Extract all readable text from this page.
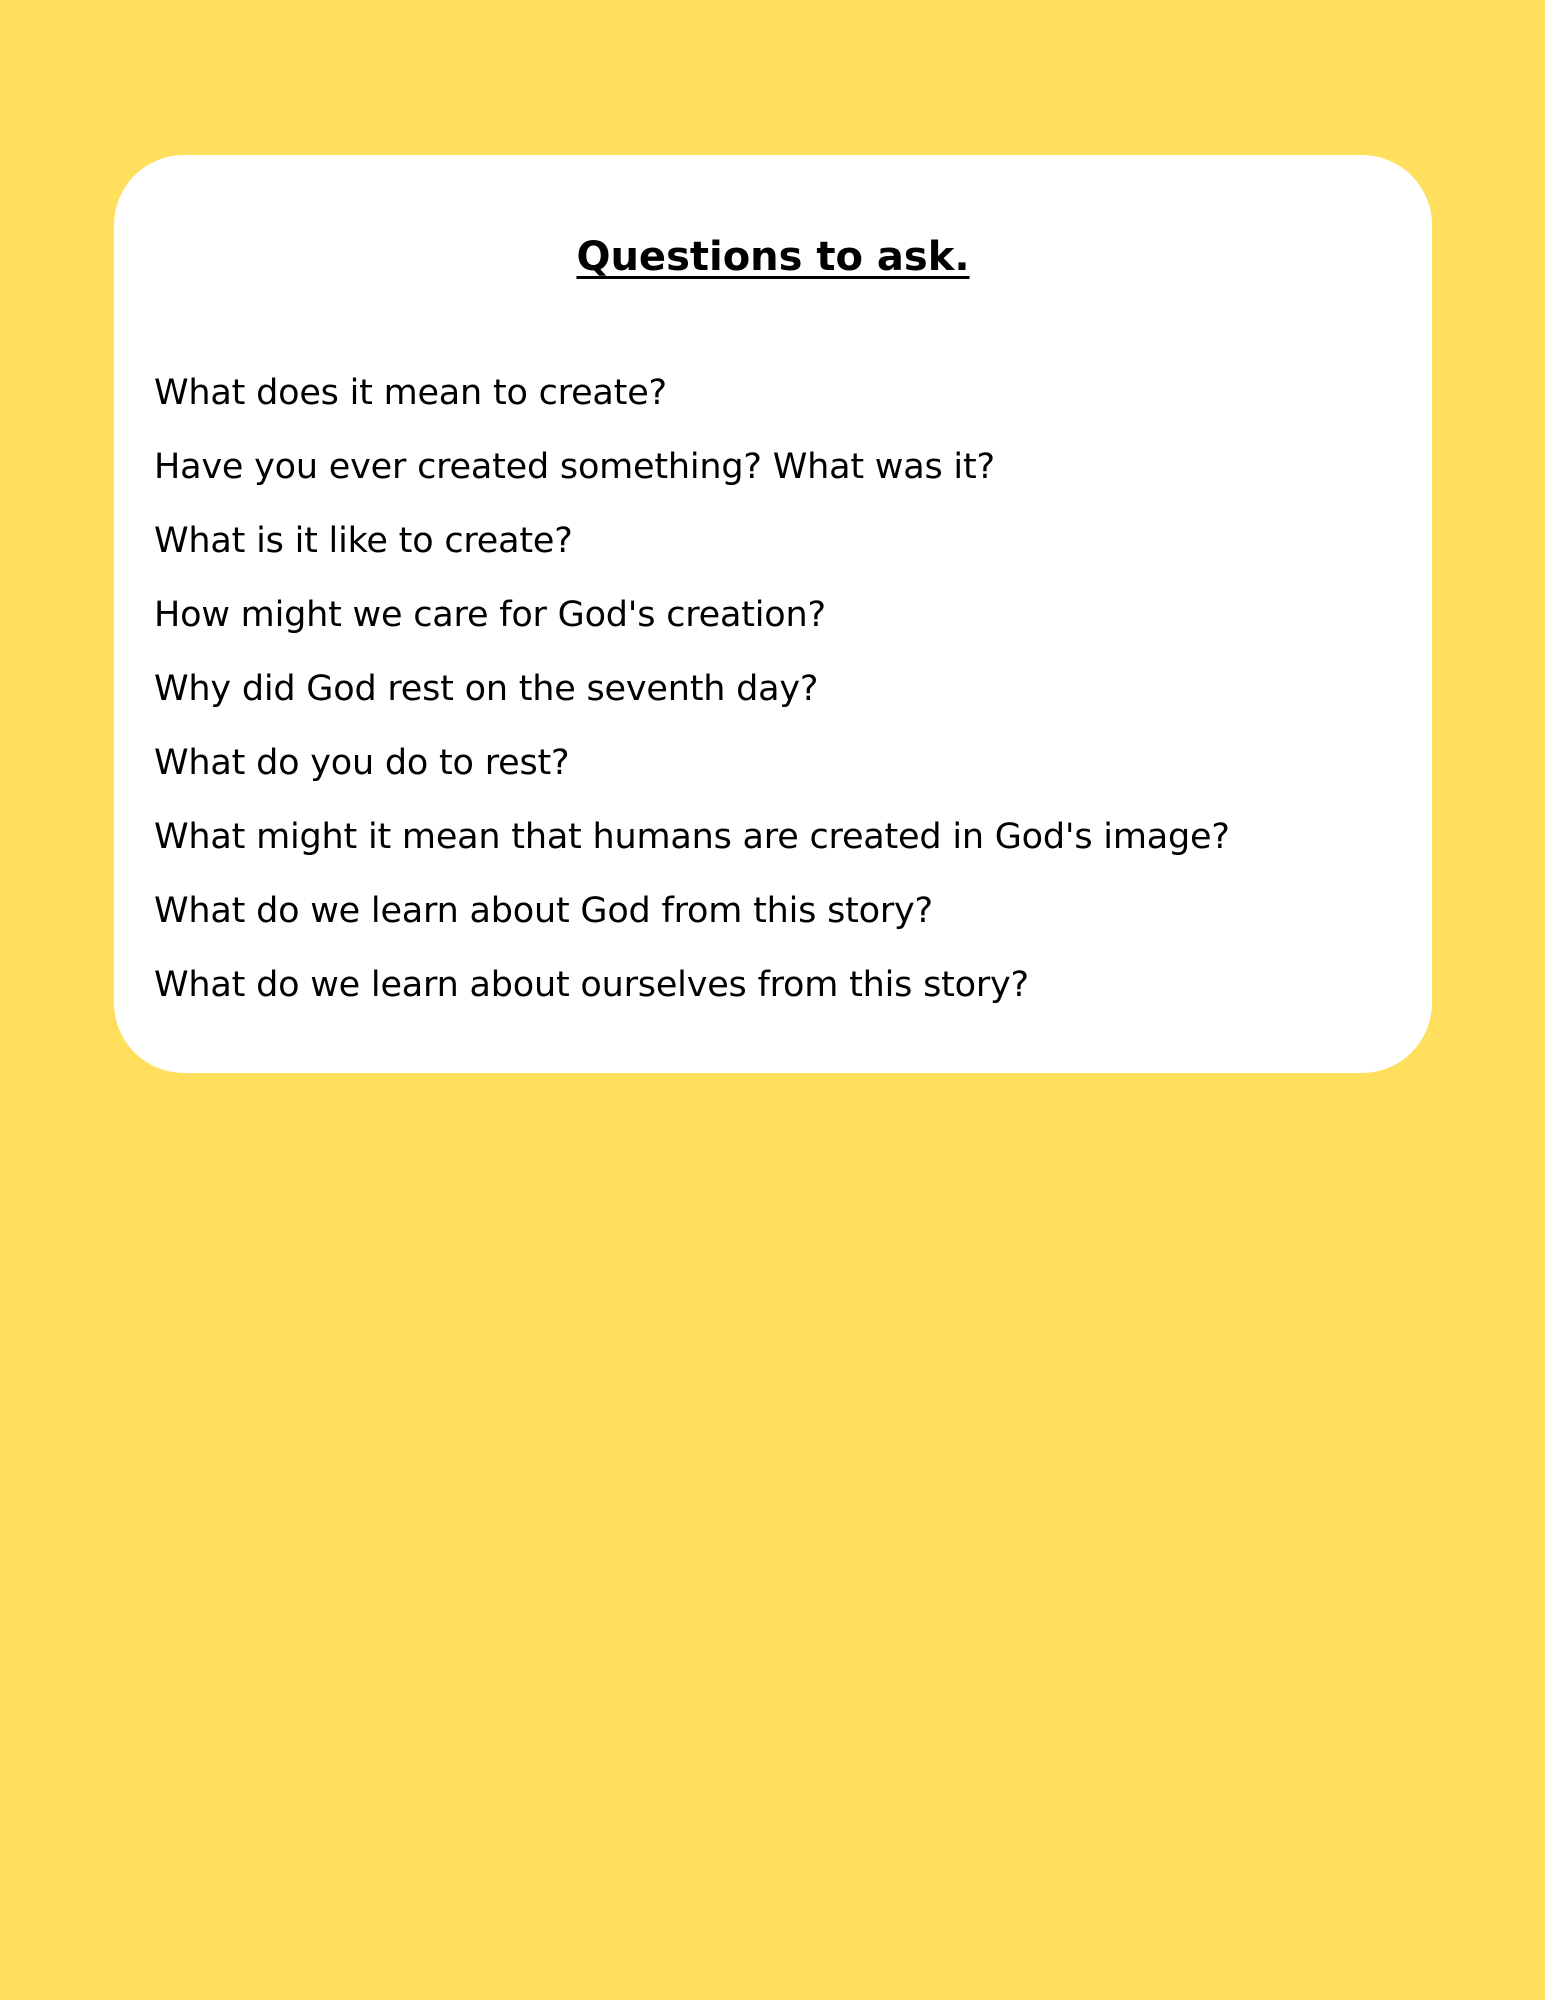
Questions to ask.
What does it mean to create?
Have you ever created something? What was it?
What is it like to create?
How might we care for God's creation?
Why did God rest on the seventh day?
What do you do to rest?
What might it mean that humans are created in God's image?
What do we learn about God from this story?
What do we learn about ourselves from this story?
